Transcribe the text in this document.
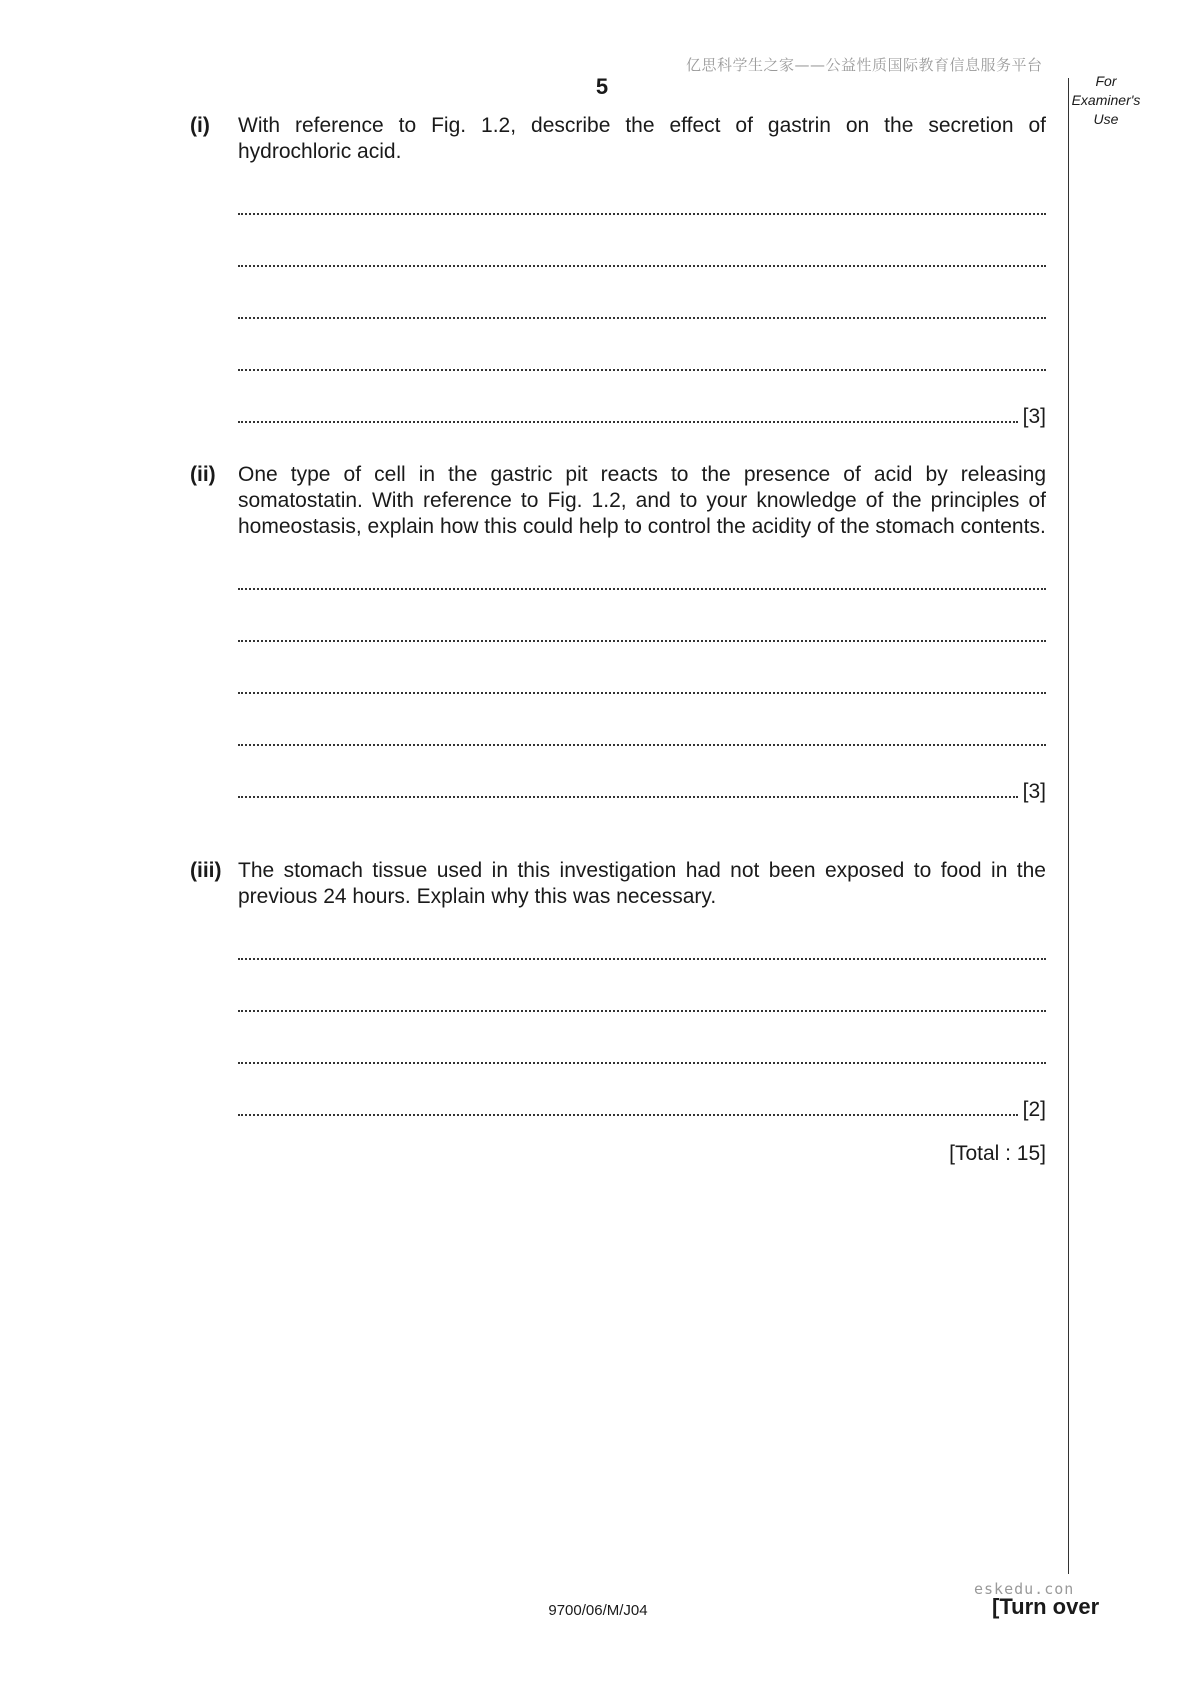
亿思科学生之家——公益性质国际教育信息服务平台
5	For
Examiner's
Use
(i) With reference to Fig. 1.2, describe the effect of gastrin on the secretion of hydrochloric acid.
[3]
(ii) One type of cell in the gastric pit reacts to the presence of acid by releasing somatostatin. With reference to Fig. 1.2, and to your knowledge of the principles of homeostasis, explain how this could help to control the acidity of the stomach contents.
[3]
(iii) The stomach tissue used in this investigation had not been exposed to food in the previous 24 hours. Explain why this was necessary.
[2]
[Total : 15]
eskedu.con
9700/06/M/J04	[Turn over
